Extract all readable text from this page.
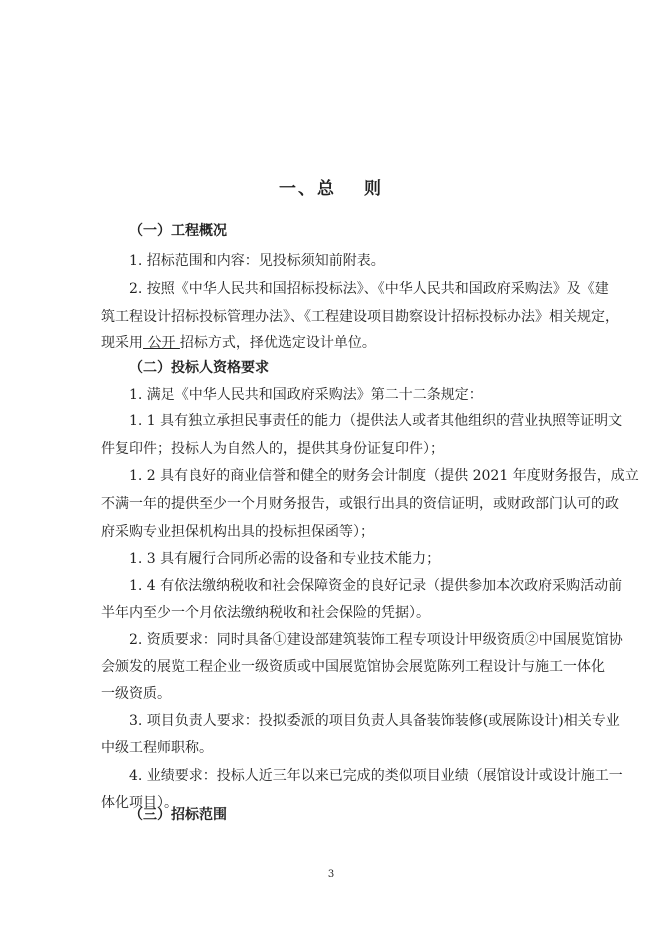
一、总 则
（一）工程概况
1. 招标范围和内容：见投标须知前附表。
2. 按照《中华人民共和国招标投标法》、《中华人民共和国政府采购法》及《建
筑工程设计招标投标管理办法》、《工程建设项目勘察设计招标投标办法》相关规定，
现采用 公开 招标方式，择优选定设计单位。
（二）投标人资格要求
1. 满足《中华人民共和国政府采购法》第二十二条规定：
1. 1 具有独立承担民事责任的能力（提供法人或者其他组织的营业执照等证明文
件复印件；投标人为自然人的，提供其身份证复印件）；
1. 2 具有良好的商业信誉和健全的财务会计制度（提供 2021 年度财务报告，成立
不满一年的提供至少一个月财务报告，或银行出具的资信证明，或财政部门认可的政
府采购专业担保机构出具的投标担保函等）；
1. 3 具有履行合同所必需的设备和专业技术能力；
1. 4 有依法缴纳税收和社会保障资金的良好记录（提供参加本次政府采购活动前
半年内至少一个月依法缴纳税收和社会保险的凭据）。
2. 资质要求：同时具备①建设部建筑装饰工程专项设计甲级资质②中国展览馆协
会颁发的展览工程企业一级资质或中国展览馆协会展览陈列工程设计与施工一体化
一级资质。
3. 项目负责人要求：投拟委派的项目负责人具备装饰装修(或展陈设计)相关专业
中级工程师职称。
4. 业绩要求：投标人近三年以来已完成的类似项目业绩（展馆设计或设计施工一
体化项目）。
（三）招标范围
3
